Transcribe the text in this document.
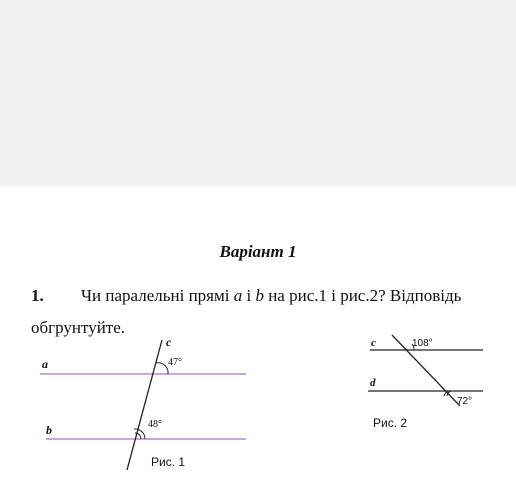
Варіант 1
1. Чи паралельні прямі a і b на рис.1 і рис.2? Відповідь
обгрунтуйте.
a
b
c
47°
48°
Рис. 1
c
d
108°
72°
Рис. 2
